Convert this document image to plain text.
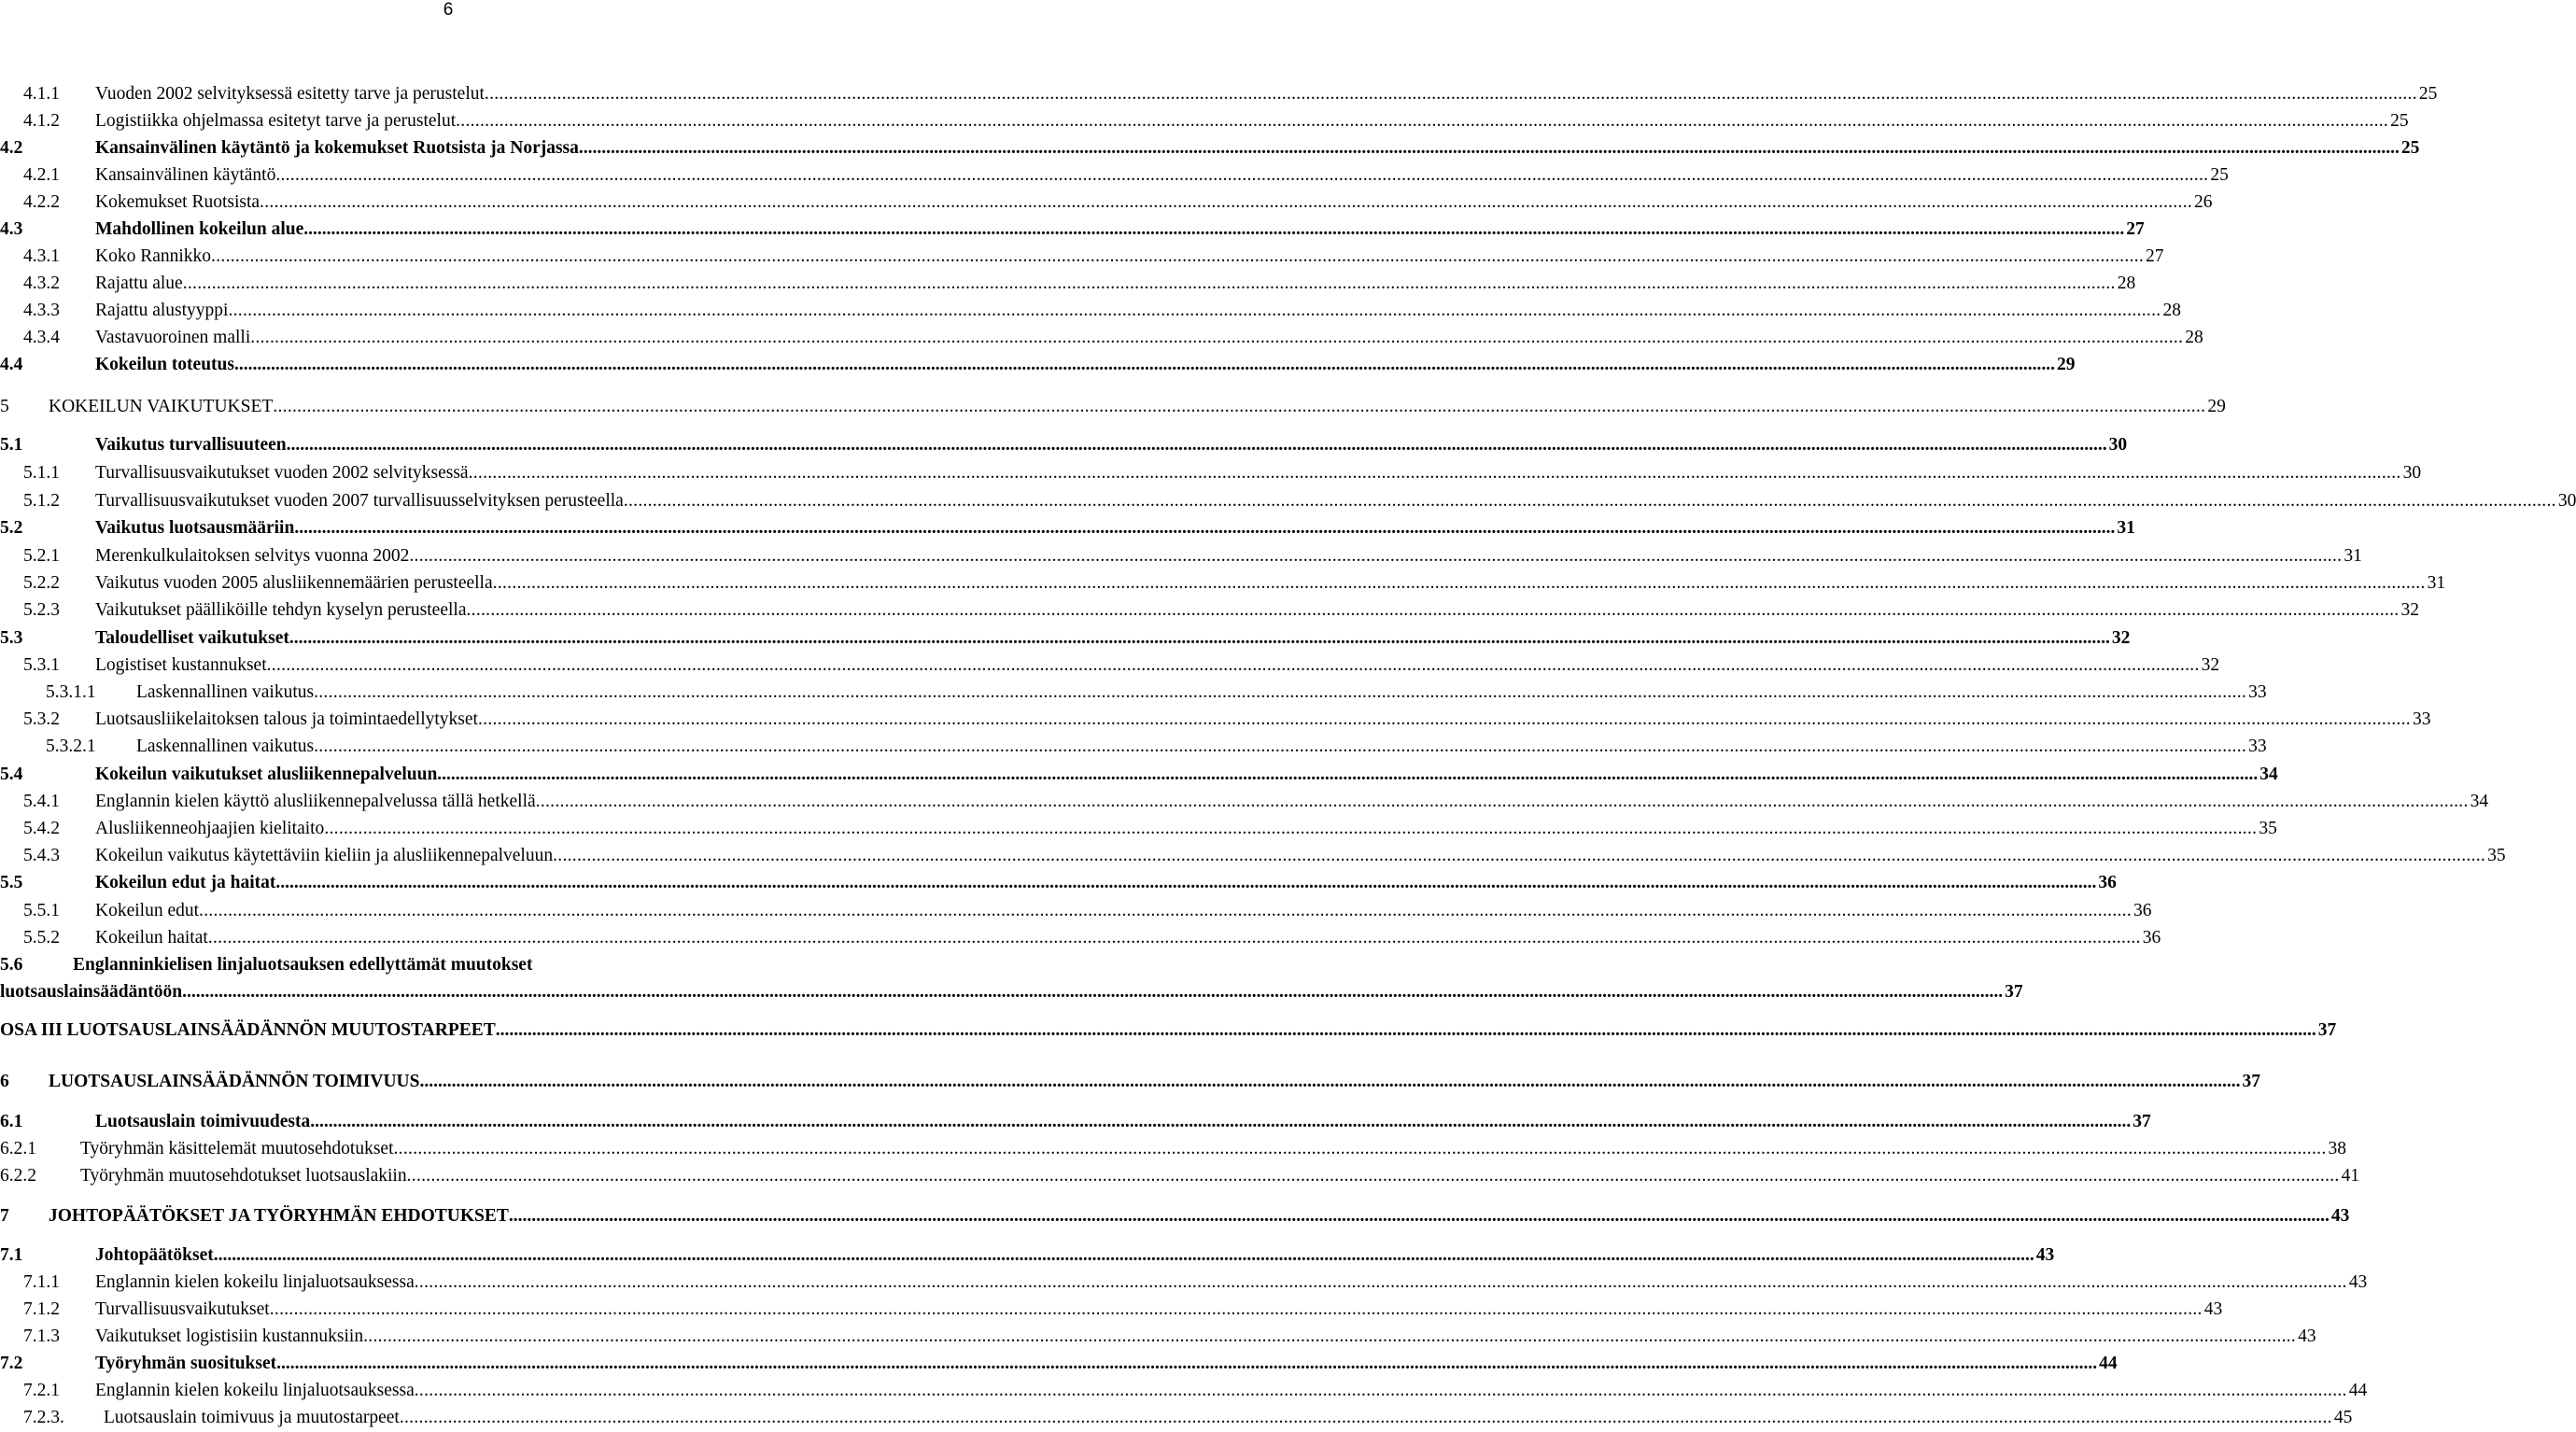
6
4.1.1	Vuoden 2002 selvityksessä esitetty tarve ja perustelut ................................................................................................................................................................................................................................................................................................................................................................................................................ 25
4.1.2	Logistiikka ohjelmassa esitetyt tarve ja perustelut ................................................................................................................................................................................................................................................................................................................................................................................................................ 25
4.2	Kansainvälinen käytäntö ja kokemukset Ruotsista ja Norjassa ................................................................................................................................................................................................................................................................................................................................................................................................................ 25
4.2.1	Kansainvälinen käytäntö ................................................................................................................................................................................................................................................................................................................................................................................................................ 25
4.2.2	Kokemukset Ruotsista ................................................................................................................................................................................................................................................................................................................................................................................................................ 26
4.3	Mahdollinen kokeilun alue ................................................................................................................................................................................................................................................................................................................................................................................................................ 27
4.3.1	Koko Rannikko ................................................................................................................................................................................................................................................................................................................................................................................................................ 27
4.3.2	Rajattu alue ................................................................................................................................................................................................................................................................................................................................................................................................................ 28
4.3.3	Rajattu alustyyppi ................................................................................................................................................................................................................................................................................................................................................................................................................ 28
4.3.4	Vastavuoroinen malli ................................................................................................................................................................................................................................................................................................................................................................................................................ 28
4.4	Kokeilun toteutus ................................................................................................................................................................................................................................................................................................................................................................................................................ 29
5	KOKEILUN VAIKUTUKSET ................................................................................................................................................................................................................................................................................................................................................................................................................ 29
5.1	Vaikutus turvallisuuteen ................................................................................................................................................................................................................................................................................................................................................................................................................ 30
5.1.1	Turvallisuusvaikutukset vuoden 2002 selvityksessä ................................................................................................................................................................................................................................................................................................................................................................................................................ 30
5.1.2	Turvallisuusvaikutukset vuoden 2007 turvallisuusselvityksen perusteella ................................................................................................................................................................................................................................................................................................................................................................................................................ 30
5.2	Vaikutus luotsausmääriin ................................................................................................................................................................................................................................................................................................................................................................................................................ 31
5.2.1	Merenkulkulaitoksen selvitys vuonna 2002 ................................................................................................................................................................................................................................................................................................................................................................................................................ 31
5.2.2	Vaikutus vuoden 2005 alusliikennemäärien perusteella ................................................................................................................................................................................................................................................................................................................................................................................................................ 31
5.2.3	Vaikutukset päälliköille tehdyn kyselyn perusteella ................................................................................................................................................................................................................................................................................................................................................................................................................ 32
5.3	Taloudelliset vaikutukset ................................................................................................................................................................................................................................................................................................................................................................................................................ 32
5.3.1	Logistiset kustannukset ................................................................................................................................................................................................................................................................................................................................................................................................................ 32
5.3.1.1	Laskennallinen vaikutus ................................................................................................................................................................................................................................................................................................................................................................................................................ 33
5.3.2	Luotsausliikelaitoksen talous ja toimintaedellytykset ................................................................................................................................................................................................................................................................................................................................................................................................................ 33
5.3.2.1	Laskennallinen vaikutus ................................................................................................................................................................................................................................................................................................................................................................................................................ 33
5.4	Kokeilun vaikutukset alusliikennepalveluun ................................................................................................................................................................................................................................................................................................................................................................................................................ 34
5.4.1	Englannin kielen käyttö alusliikennepalvelussa tällä hetkellä ................................................................................................................................................................................................................................................................................................................................................................................................................ 34
5.4.2	Alusliikenneohjaajien kielitaito ................................................................................................................................................................................................................................................................................................................................................................................................................ 35
5.4.3	Kokeilun vaikutus käytettäviin kieliin ja alusliikennepalveluun ................................................................................................................................................................................................................................................................................................................................................................................................................ 35
5.5	Kokeilun edut ja haitat ................................................................................................................................................................................................................................................................................................................................................................................................................ 36
5.5.1	Kokeilun edut ................................................................................................................................................................................................................................................................................................................................................................................................................ 36
5.5.2	Kokeilun haitat ................................................................................................................................................................................................................................................................................................................................................................................................................ 36
5.6	Englanninkielisen linjaluotsauksen edellyttämät muutokset
luotsauslainsäädäntöön ................................................................................................................................................................................................................................................................................................................................................................................................................ 37
OSA III LUOTSAUSLAINSÄÄDÄNNÖN MUUTOSTARPEET ................................................................................................................................................................................................................................................................................................................................................................................................................ 37
6	LUOTSAUSLAINSÄÄDÄNNÖN TOIMIVUUS ................................................................................................................................................................................................................................................................................................................................................................................................................ 37
6.1	Luotsauslain toimivuudesta ................................................................................................................................................................................................................................................................................................................................................................................................................ 37
6.2.1	Työryhmän käsittelemät muutosehdotukset ................................................................................................................................................................................................................................................................................................................................................................................................................ 38
6.2.2	Työryhmän muutosehdotukset luotsauslakiin ................................................................................................................................................................................................................................................................................................................................................................................................................ 41
7	JOHTOPÄÄTÖKSET JA TYÖRYHMÄN EHDOTUKSET ................................................................................................................................................................................................................................................................................................................................................................................................................ 43
7.1	Johtopäätökset ................................................................................................................................................................................................................................................................................................................................................................................................................ 43
7.1.1	Englannin kielen kokeilu linjaluotsauksessa ................................................................................................................................................................................................................................................................................................................................................................................................................ 43
7.1.2	Turvallisuusvaikutukset ................................................................................................................................................................................................................................................................................................................................................................................................................ 43
7.1.3	Vaikutukset logistisiin kustannuksiin ................................................................................................................................................................................................................................................................................................................................................................................................................ 43
7.2	Työryhmän suositukset ................................................................................................................................................................................................................................................................................................................................................................................................................ 44
7.2.1	Englannin kielen kokeilu linjaluotsauksessa ................................................................................................................................................................................................................................................................................................................................................................................................................ 44
7.2.3.	Luotsauslain toimivuus ja muutostarpeet ................................................................................................................................................................................................................................................................................................................................................................................................................ 45
